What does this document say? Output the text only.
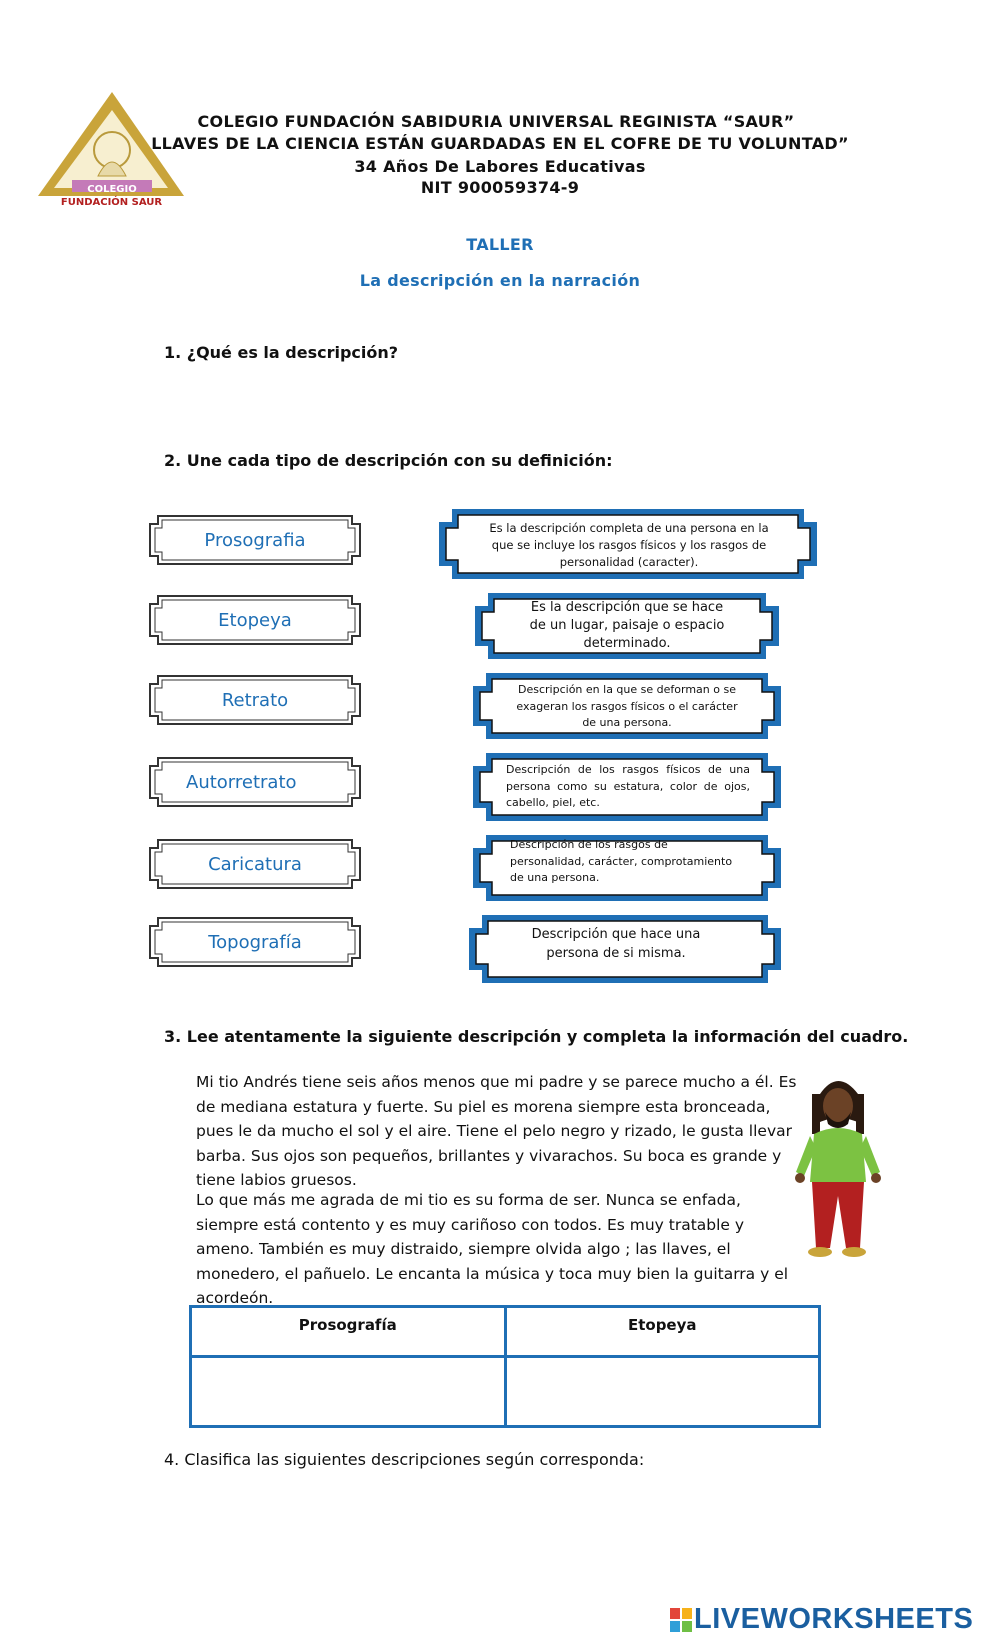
COLEGIO
FUNDACIÓN SAUR
COLEGIO FUNDACIÓN SABIDURIA UNIVERSAL REGINISTA “SAUR”
LLAVES DE LA CIENCIA ESTÁN GUARDADAS EN EL COFRE DE TU VOLUNTAD”
34 Años De Labores Educativas
NIT 900059374-9
TALLER
La descripción en la narración
1. ¿Qué es la descripción?
2. Une cada tipo de descripción con su definición:
Prosografia
Etopeya
Retrato
Autorretrato
Caricatura
Topografía
Es la descripción completa de una persona en la que se incluye los rasgos físicos y los rasgos de personalidad (caracter).
Es la descripción que se hace de un lugar, paisaje o espacio determinado.
Descripción en la que se deforman o se exageran los rasgos físicos o el carácter de una persona.
Descripción de los rasgos físicos de una persona como su estatura, color de ojos, cabello, piel, etc.
Descripción de los rasgos de personalidad, carácter, comprotamiento de una persona.
Descripción que hace una persona de si misma.
3. Lee atentamente la siguiente descripción y completa la información del cuadro.
Mi tio Andrés tiene seis años menos que mi padre y se parece mucho a él. Es de mediana estatura y fuerte. Su piel es morena siempre esta bronceada, pues le da mucho el sol y el aire. Tiene el pelo negro y rizado, le gusta llevar barba. Sus ojos son pequeños, brillantes y vivarachos. Su boca es grande y tiene labios gruesos.
Lo que más me agrada de mi tio es su forma de ser. Nunca se enfada, siempre está contento y es muy cariñoso con todos. Es muy tratable y ameno. También es muy distraido, siempre olvida algo ; las llaves, el monedero, el pañuelo. Le encanta la música y toca muy bien la guitarra y el acordeón.
Prosografía	Etopeya

4. Clasifica las siguientes descripciones según corresponda:
LIVEWORKSHEETS
